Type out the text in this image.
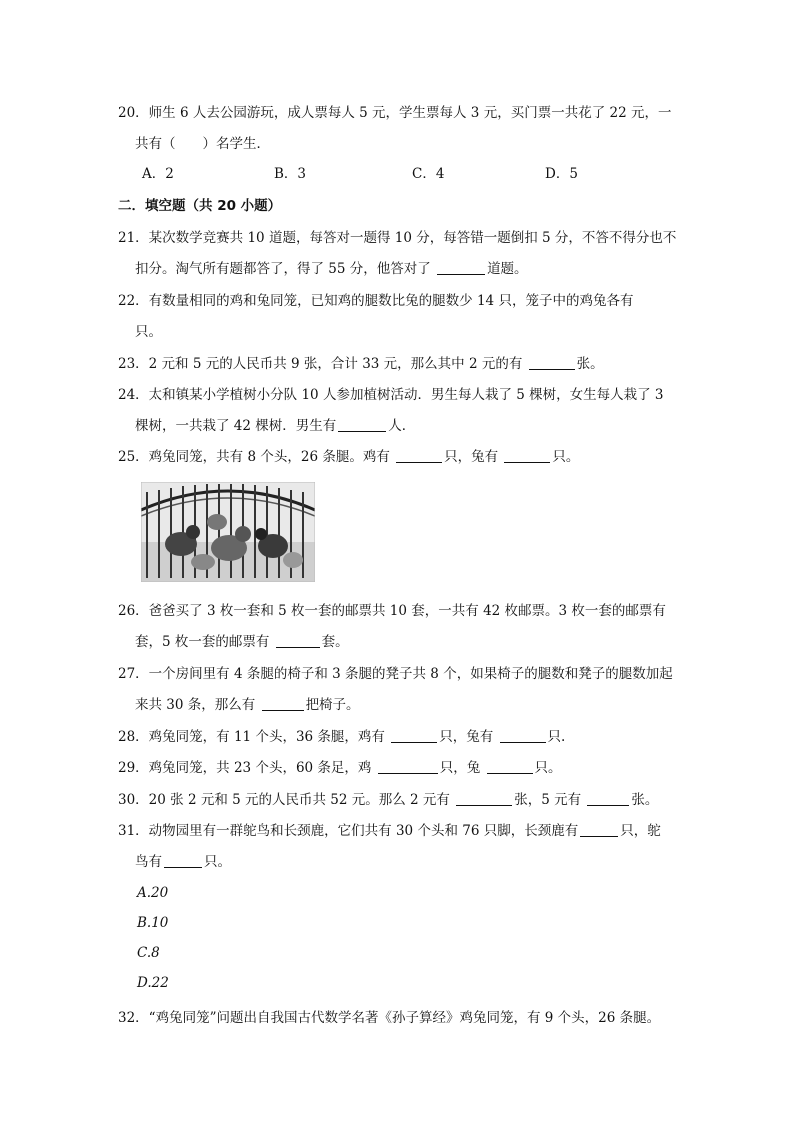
20．师生 6 人去公园游玩，成人票每人 5 元，学生票每人 3 元，买门票一共花了 22 元，一
共有（　　）名学生．
A．2	B．3	C．4	D．5
二．填空题（共 20 小题）
21．某次数学竞赛共 10 道题，每答对一题得 10 分，每答错一题倒扣 5 分，不答不得分也不
扣分。淘气所有题都答了，得了 55 分，他答对了	道题。
22．有数量相同的鸡和兔同笼，已知鸡的腿数比兔的腿数少 14 只，笼子中的鸡兔各有
只。
23．2 元和 5 元的人民币共 9 张，合计 33 元，那么其中 2 元的有	张。
24．太和镇某小学植树小分队 10 人参加植树活动．男生每人栽了 5 棵树，女生每人栽了 3
棵树，一共栽了 42 棵树．男生有	人．
25．鸡兔同笼，共有 8 个头，26 条腿。鸡有	只，兔有	只。
26．爸爸买了 3 枚一套和 5 枚一套的邮票共 10 套，一共有 42 枚邮票。3 枚一套的邮票有
套，5 枚一套的邮票有	套。
27．一个房间里有 4 条腿的椅子和 3 条腿的凳子共 8 个，如果椅子的腿数和凳子的腿数加起
来共 30 条，那么有	把椅子。
28．鸡兔同笼，有 11 个头，36 条腿，鸡有	只，兔有	只.
29．鸡兔同笼，共 23 个头，60 条足，鸡	只，兔	只。
30．20 张 2 元和 5 元的人民币共 52 元。那么 2 元有	张，5 元有	张。
31．动物园里有一群鸵鸟和长颈鹿，它们共有 30 个头和 76 只脚，长颈鹿有	只，鸵
鸟有	只。
A.20
B.10
C.8
D.22
32．“鸡兔同笼”问题出自我国古代数学名著《孙子算经》鸡兔同笼，有 9 个头，26 条腿。
